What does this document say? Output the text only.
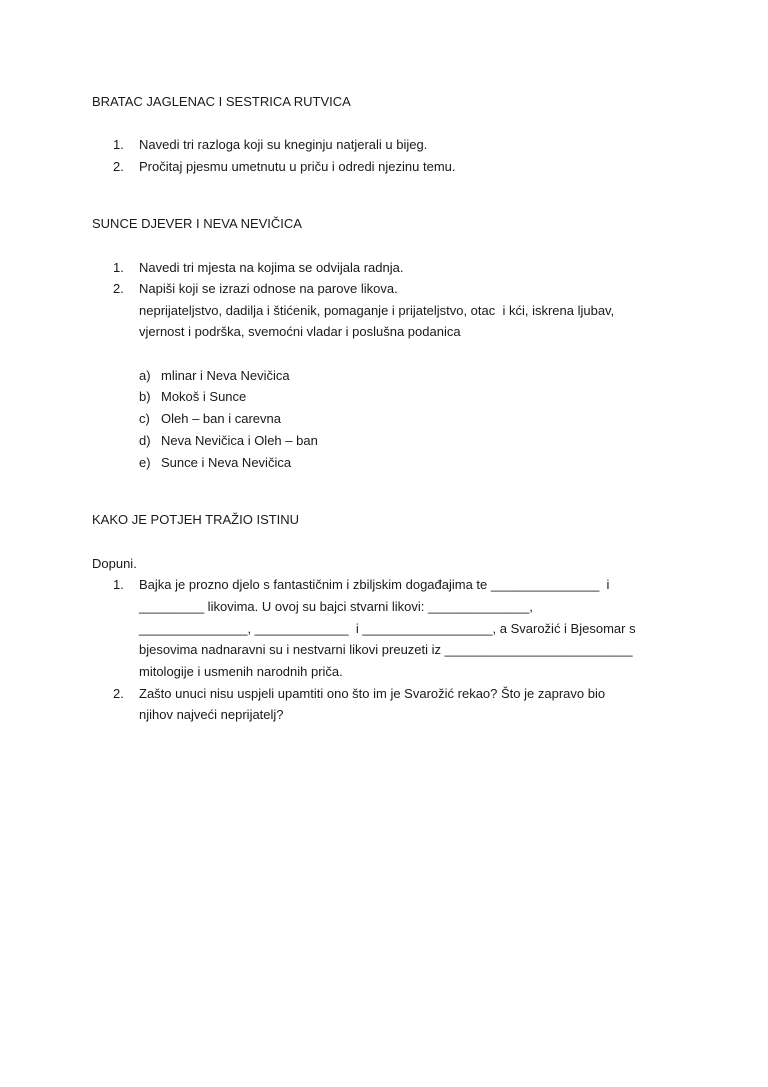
BRATAC JAGLENAC I SESTRICA RUTVICA
1. Navedi tri razloga koji su kneginju natjerali u bijeg.
2. Pročitaj pjesmu umetnutu u priču i odredi njezinu temu.
SUNCE DJEVER I NEVA NEVIČICA
1. Navedi tri mjesta na kojima se odvijala radnja.
2. Napiši koji se izrazi odnose na parove likova.
neprijateljstvo, dadilja i štićenik, pomaganje i prijateljstvo, otac  i kći, iskrena ljubav,
vjernost i podrška, svemoćni vladar i poslušna podanica
a) mlinar i Neva Nevičica
b) Mokoš i Sunce
c) Oleh – ban i carevna
d) Neva Nevičica i Oleh – ban
e) Sunce i Neva Nevičica
KAKO JE POTJEH TRAŽIO ISTINU
Dopuni.
1. Bajka je prozno djelo s fantastičnim i zbiljskim događajima te _______________  i
_________ likovima. U ovoj su bajci stvarni likovi: ______________,
_______________, _____________  i __________________, a Svarožić i Bjesomar s
bjesovima nadnaravni su i nestvarni likovi preuzeti iz __________________________
mitologije i usmenih narodnih priča.
2. Zašto unuci nisu uspjeli upamtiti ono što im je Svarožić rekao? Što je zapravo bio
njihov najveći neprijatelj?
